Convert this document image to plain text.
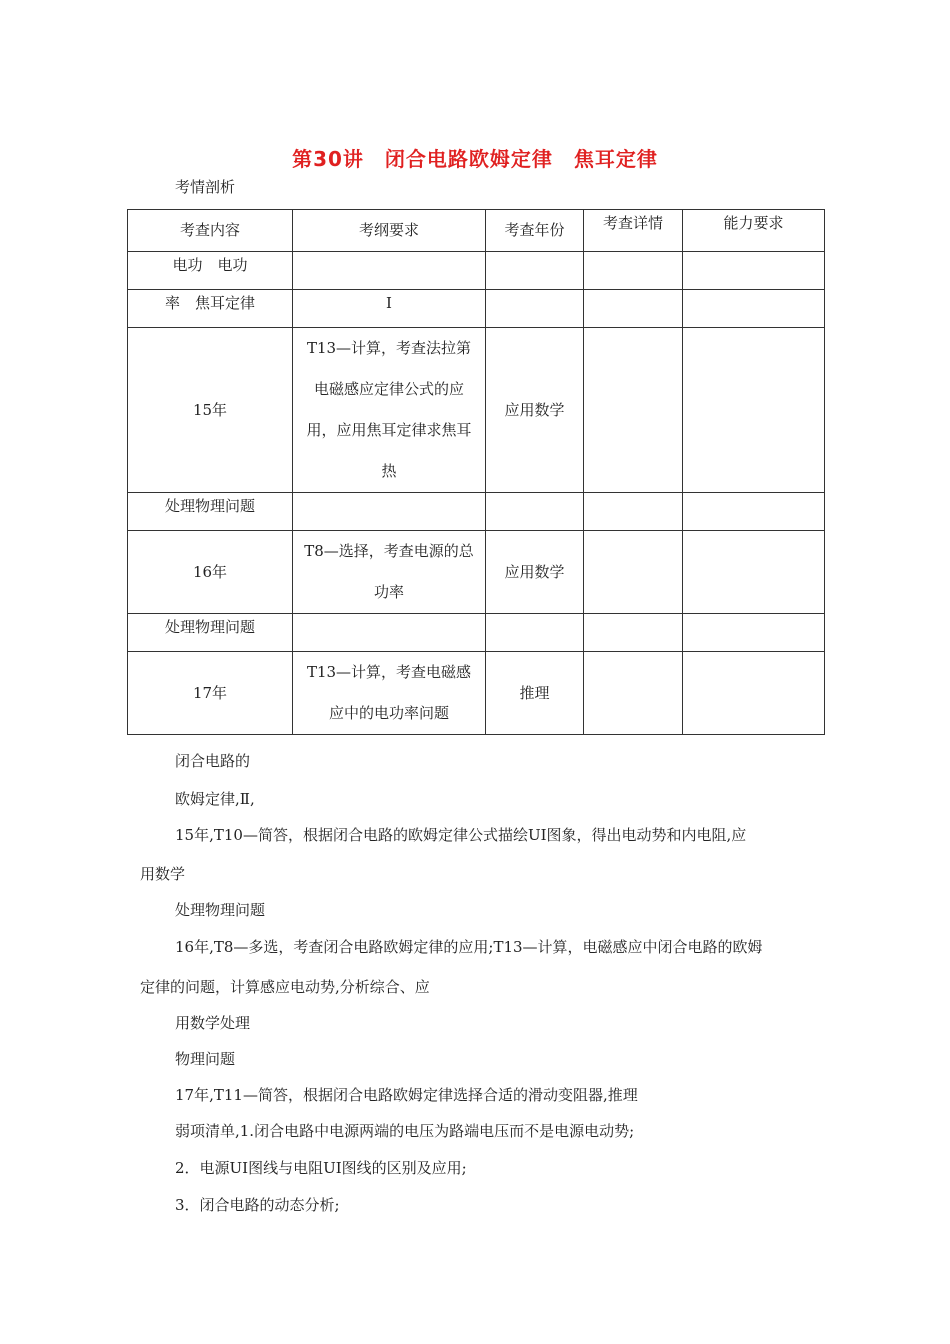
第30讲　闭合电路欧姆定律　焦耳定律
考情剖析
考查内容	考纲要求	考查年份	考查详情	能力要求
电功　电功				
率　焦耳定律	Ⅰ			
15年	Т13—计算，考查法拉第电磁感应定律公式的应用，应用焦耳定律求焦耳热	应用数学		
处理物理问题				
16年	Т8—选择，考查电源的总功率	应用数学		
处理物理问题				
17年	Т13—计算，考查电磁感应中的电功率问题	推理		
闭合电路的
欧姆定律,Ⅱ,
15年,Т10—简答，根据闭合电路的欧姆定律公式描绘UI图象，得出电动势和内电阻,应
用数学
处理物理问题
16年,Т8—多选，考查闭合电路欧姆定律的应用;Т13—计算，电磁感应中闭合电路的欧姆
定律的问题，计算感应电动势,分析综合、应
用数学处理
物理问题
17年,Т11—简答，根据闭合电路欧姆定律选择合适的滑动变阻器,推理
弱项清单,1.闭合电路中电源两端的电压为路端电压而不是电源电动势;
2．电源UI图线与电阻UI图线的区别及应用;
3．闭合电路的动态分析;
